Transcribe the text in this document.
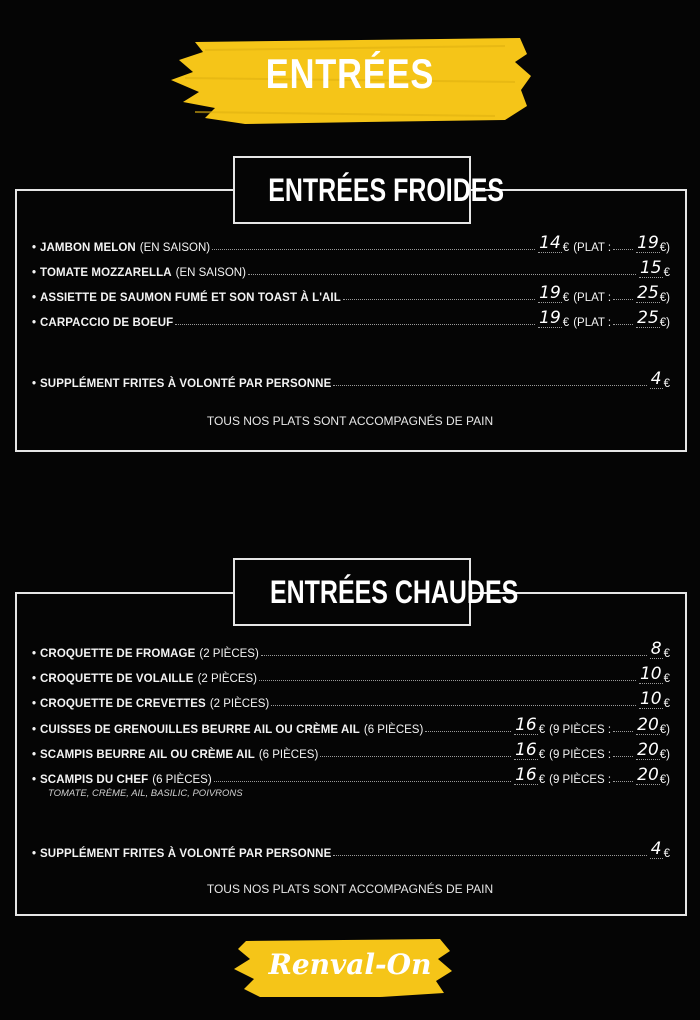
ENTRÉES
ENTRÉES FROIDES
• JAMBON MELON (EN SAISON)	14 € (PLAT : 19 €)
• TOMATE MOZZARELLA (EN SAISON)	15 €
• ASSIETTE DE SAUMON FUMÉ ET SON TOAST À L'AIL	19 € (PLAT : 25 €)
• CARPACCIO DE BOEUF	19 € (PLAT : 25 €)
• SUPPLÉMENT FRITES À VOLONTÉ PAR PERSONNE	4 €
TOUS NOS PLATS SONT ACCOMPAGNÉS DE PAIN
ENTRÉES CHAUDES
• CROQUETTE DE FROMAGE (2 PIÈCES)	8 €
• CROQUETTE DE VOLAILLE (2 PIÈCES)	10 €
• CROQUETTE DE CREVETTES (2 PIÈCES)	10 €
• CUISSES DE GRENOUILLES BEURRE AIL OU CRÈME AIL (6 PIÈCES)	16 € (9 PIÈCES : 20 €)
• SCAMPIS BEURRE AIL OU CRÈME AIL (6 PIÈCES)	16 € (9 PIÈCES : 20 €)
• SCAMPIS DU CHEF (6 PIÈCES)	16 € (9 PIÈCES : 20 €)
TOMATE, CRÈME, AIL, BASILIC, POIVRONS
• SUPPLÉMENT FRITES À VOLONTÉ PAR PERSONNE	4 €
TOUS NOS PLATS SONT ACCOMPAGNÉS DE PAIN
Renval-On
